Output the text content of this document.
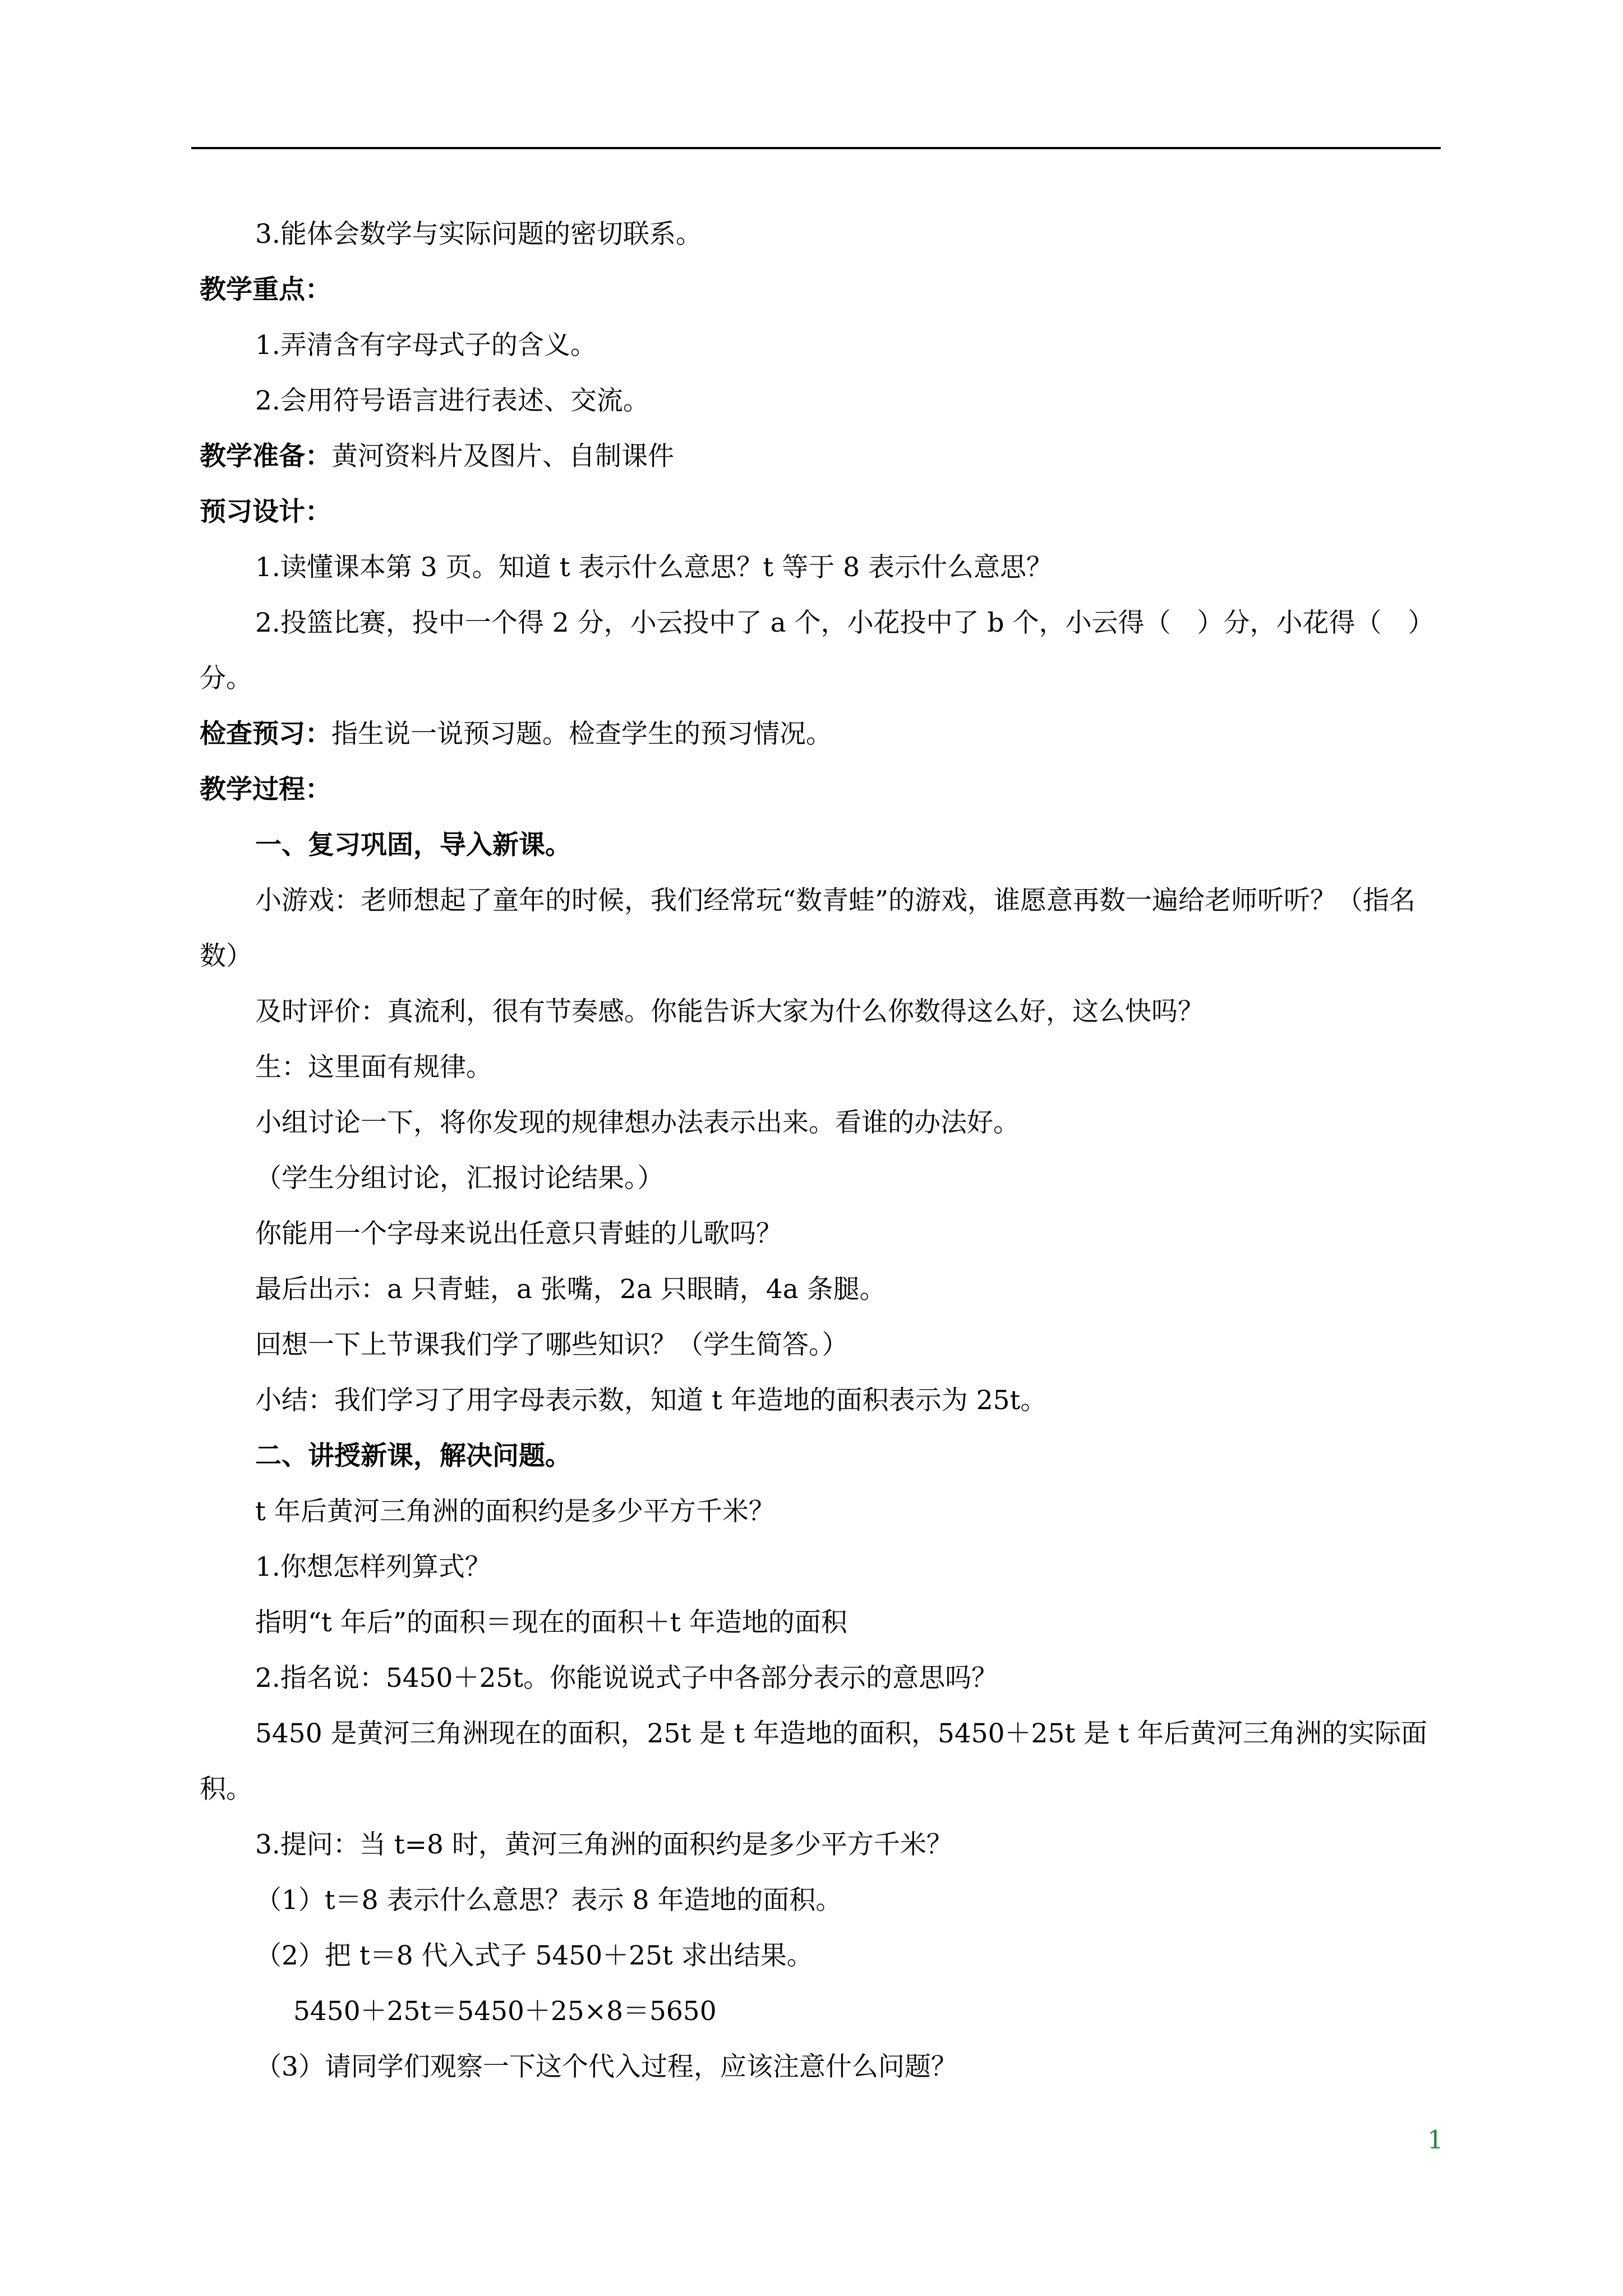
3.能体会数学与实际问题的密切联系。
教学重点：
1.弄清含有字母式子的含义。
2.会用符号语言进行表述、交流。
教学准备：黄河资料片及图片、自制课件
预习设计：
1.读懂课本第 3 页。知道 t 表示什么意思？t 等于 8 表示什么意思？
2.投篮比赛，投中一个得 2 分，小云投中了 a 个，小花投中了 b 个，小云得（　）分，小花得（　）分。
检查预习：指生说一说预习题。检查学生的预习情况。
教学过程：
一、复习巩固，导入新课。
小游戏：老师想起了童年的时候，我们经常玩“数青蛙”的游戏，谁愿意再数一遍给老师听听？（指名数）
及时评价：真流利，很有节奏感。你能告诉大家为什么你数得这么好，这么快吗？
生：这里面有规律。
小组讨论一下，将你发现的规律想办法表示出来。看谁的办法好。
（学生分组讨论，汇报讨论结果。）
你能用一个字母来说出任意只青蛙的儿歌吗？
最后出示：a 只青蛙，a 张嘴，2a 只眼睛，4a 条腿。
回想一下上节课我们学了哪些知识？（学生简答。）
小结：我们学习了用字母表示数，知道 t 年造地的面积表示为 25t。
二、讲授新课，解决问题。
t 年后黄河三角洲的面积约是多少平方千米？
1.你想怎样列算式？
指明“t 年后”的面积＝现在的面积＋t 年造地的面积
2.指名说：5450＋25t。你能说说式子中各部分表示的意思吗？
5450 是黄河三角洲现在的面积，25t 是 t 年造地的面积，5450＋25t 是 t 年后黄河三角洲的实际面积。
3.提问：当 t=8 时，黄河三角洲的面积约是多少平方千米？
（1）t＝8 表示什么意思？表示 8 年造地的面积。
（2）把 t＝8 代入式子 5450＋25t 求出结果。
5450＋25t＝5450＋25×8＝5650
（3）请同学们观察一下这个代入过程，应该注意什么问题？
1
